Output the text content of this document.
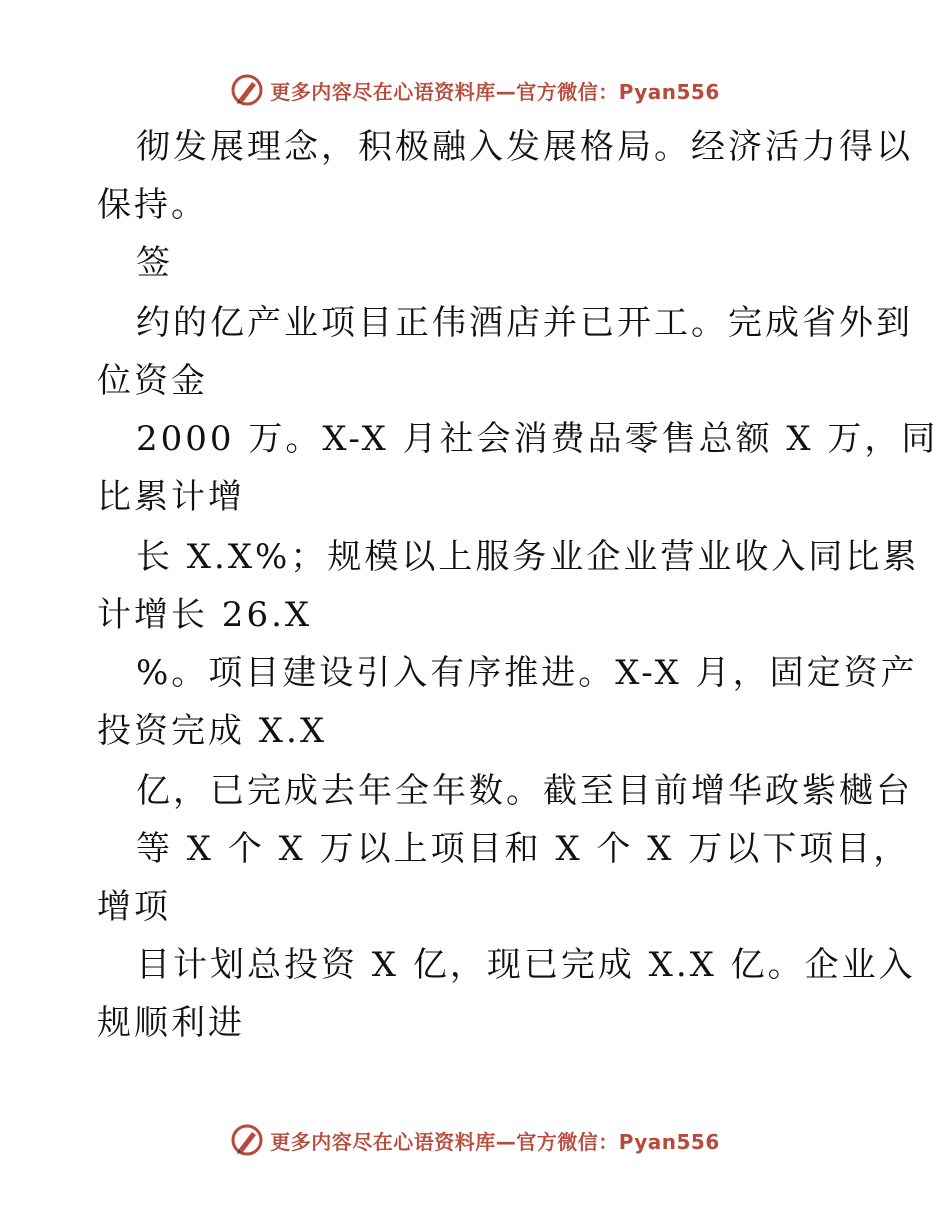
更多内容尽在心语资料库—官方微信：Pyan556
彻发展理念，积极融入发展格局。经济活力得以
保持。
签
约的亿产业项目正伟酒店并已开工。完成省外到
位资金
2000 万。X-X 月社会消费品零售总额 X 万，同
比累计增
长 X.X%；规模以上服务业企业营业收入同比累
计增长 26.X
%。项目建设引入有序推进。X-X 月，固定资产
投资完成 X.X
亿，已完成去年全年数。截至目前增华政紫樾台
等 X 个 X 万以上项目和 X 个 X 万以下项目，
增项
目计划总投资 X 亿，现已完成 X.X 亿。企业入
规顺利进
更多内容尽在心语资料库—官方微信：Pyan556
